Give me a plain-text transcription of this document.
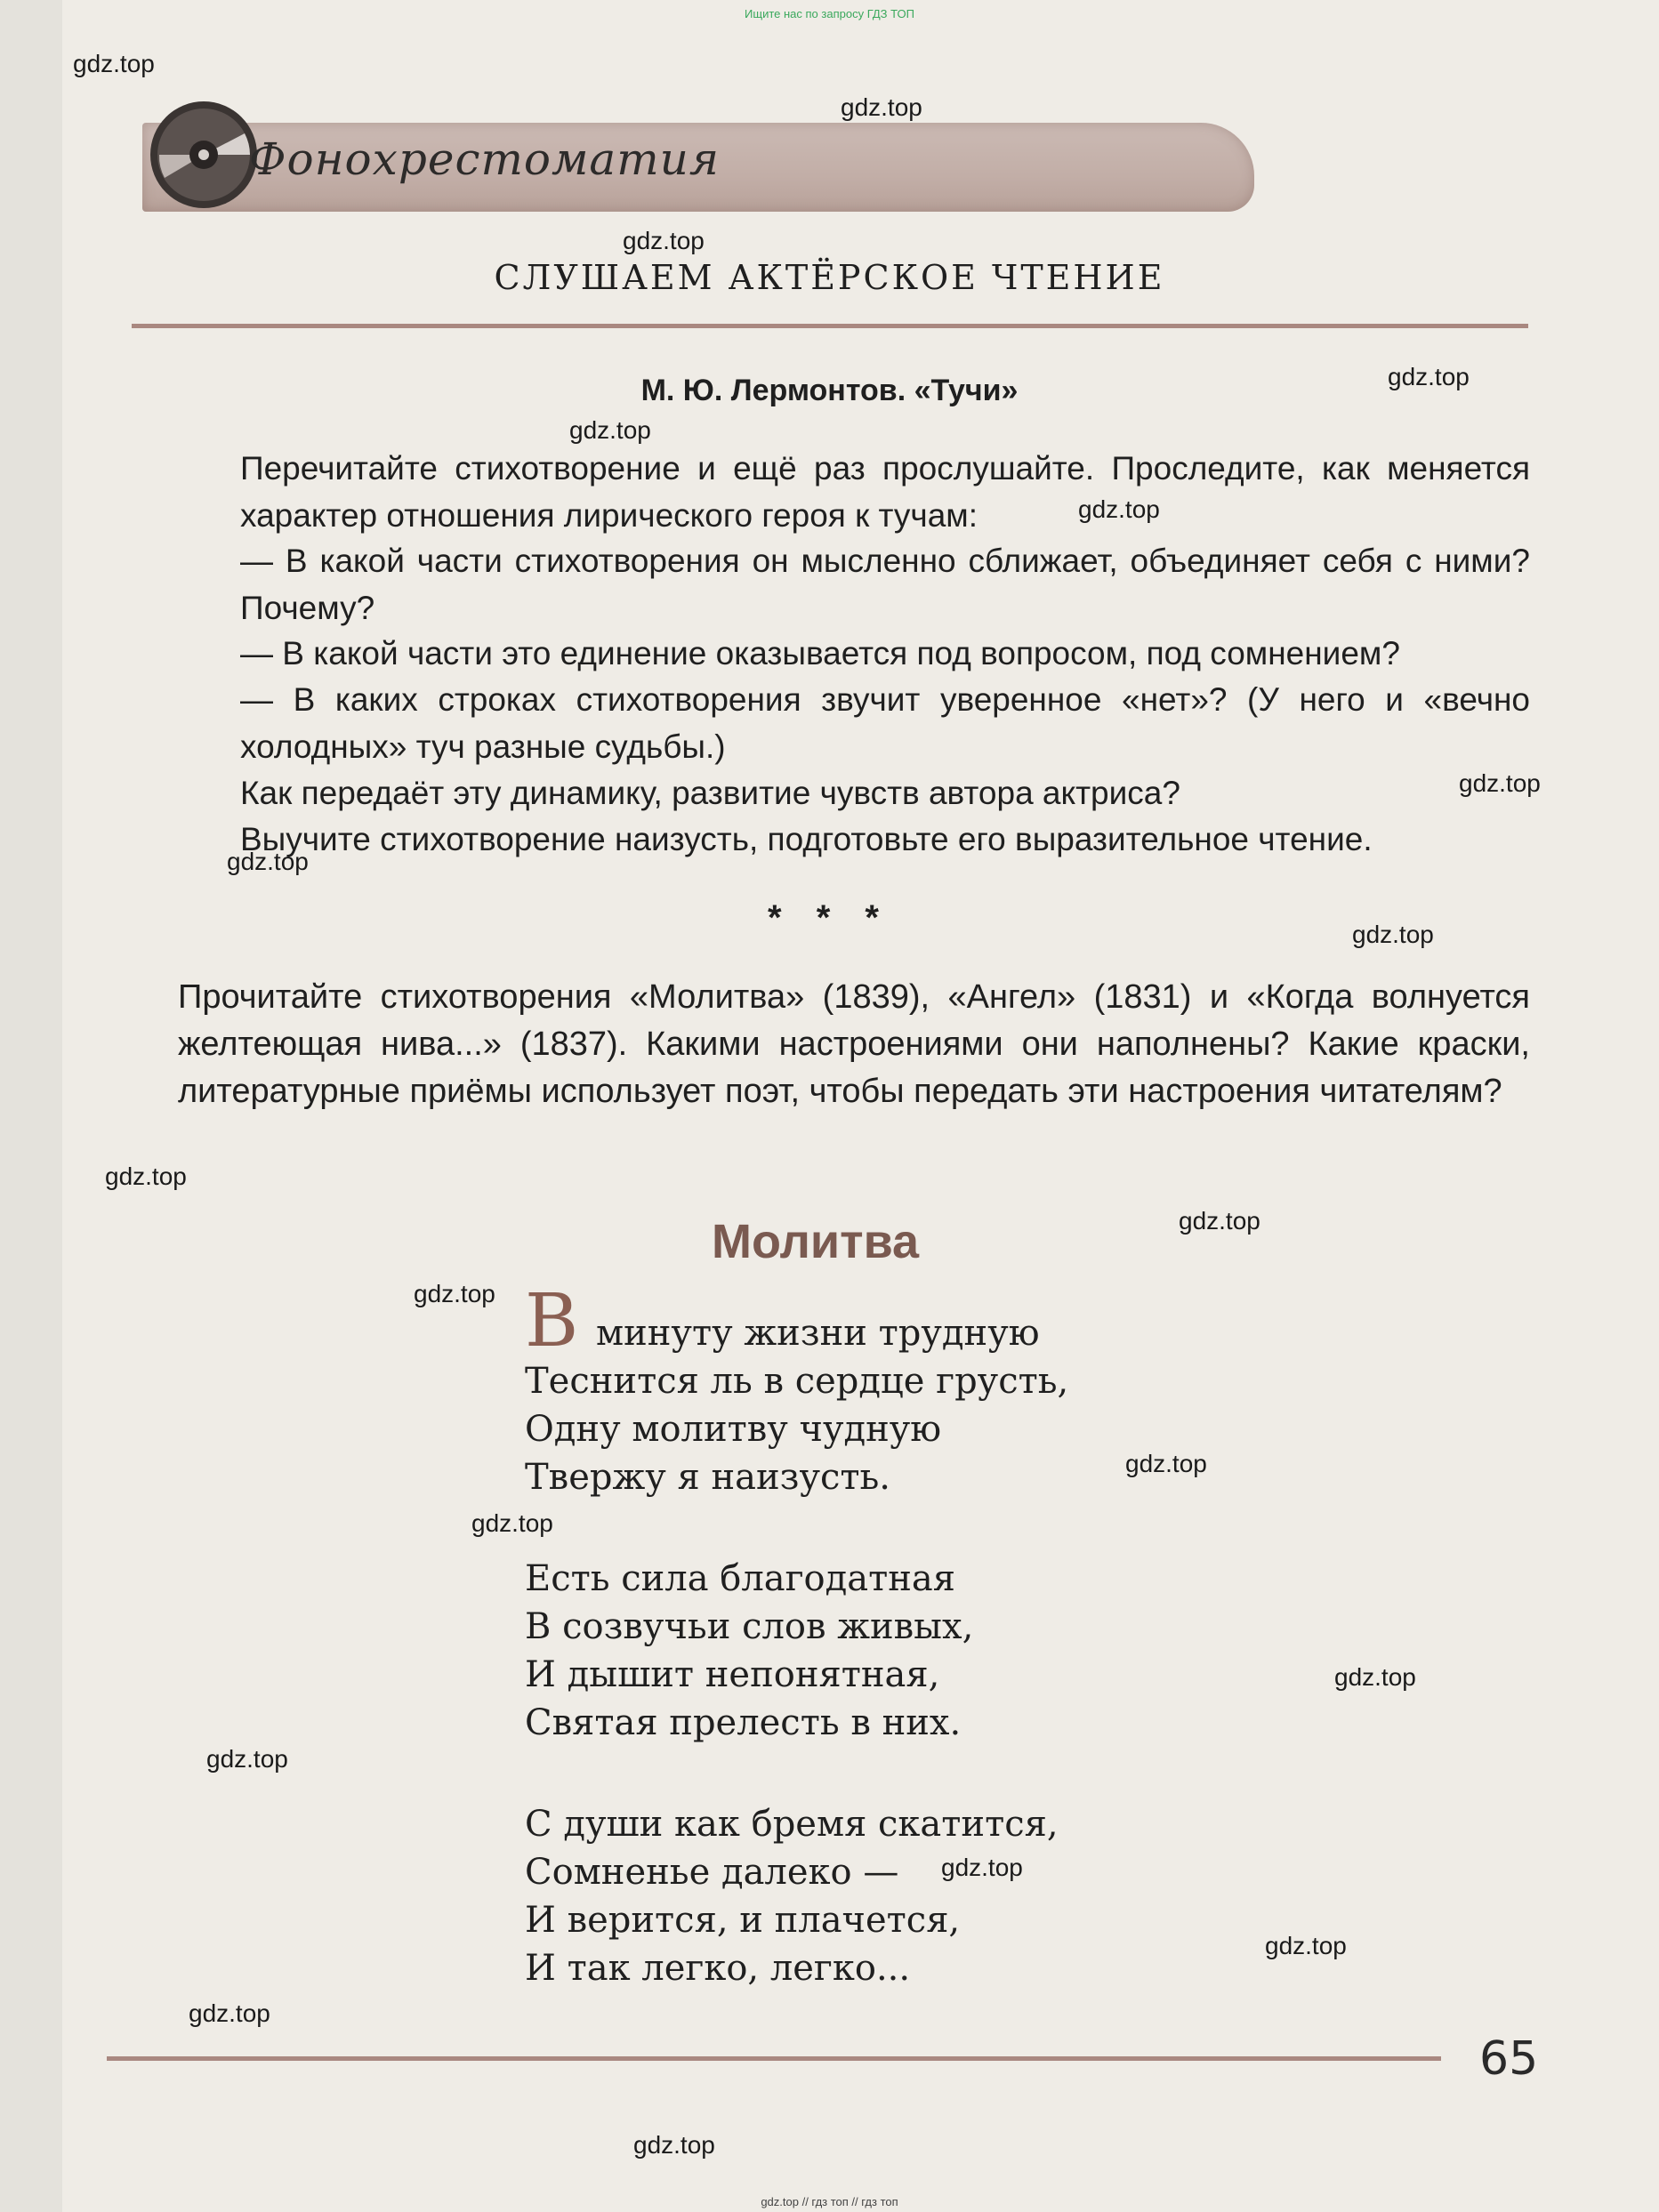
Ищите нас по запросу ГДЗ ТОП
Фонохрестоматия
СЛУШАЕМ АКТЁРСКОЕ ЧТЕНИЕ
М. Ю. Лермонтов. «Тучи»

Перечитайте стихотворение и ещё раз прослушайте. Проследите, как меняется характер отношения лирического героя к тучам:

— В какой части стихотворения он мысленно сближает, объединяет себя с ними? Почему?

— В какой части это единение оказывается под вопросом, под сомнением?

— В каких строках стихотворения звучит уверенное «нет»? (У него и «вечно холодных» туч разные судьбы.)

Как передаёт эту динамику, развитие чувств автора актриса?

Выучите стихотворение наизусть, подготовьте его выразительное чтение.

* * *

Прочитайте стихотворения «Молитва» (1839), «Ангел» (1831) и «Когда волнуется желтеющая нива...» (1837). Какими настроениями они наполнены? Какие краски, литературные приёмы использует поэт, чтобы передать эти настроения читателям?

Молитва
В минуту жизни трудную
Теснится ль в сердце грусть,
Одну молитву чудную
Твержу я наизусть.
Есть сила благодатная
В созвучьи слов живых,
И дышит непонятная,
Святая прелесть в них.
С души как бремя скатится,
Сомненье далеко —
И верится, и плачется,
И так легко, легко...
65
gdz.top
gdz.top
gdz.top
gdz.top
gdz.top
gdz.top
gdz.top
gdz.top
gdz.top
gdz.top
gdz.top
gdz.top
gdz.top
gdz.top
gdz.top
gdz.top
gdz.top
gdz.top
gdz.top
gdz.top
gdz.top // гдз топ // гдз топ
